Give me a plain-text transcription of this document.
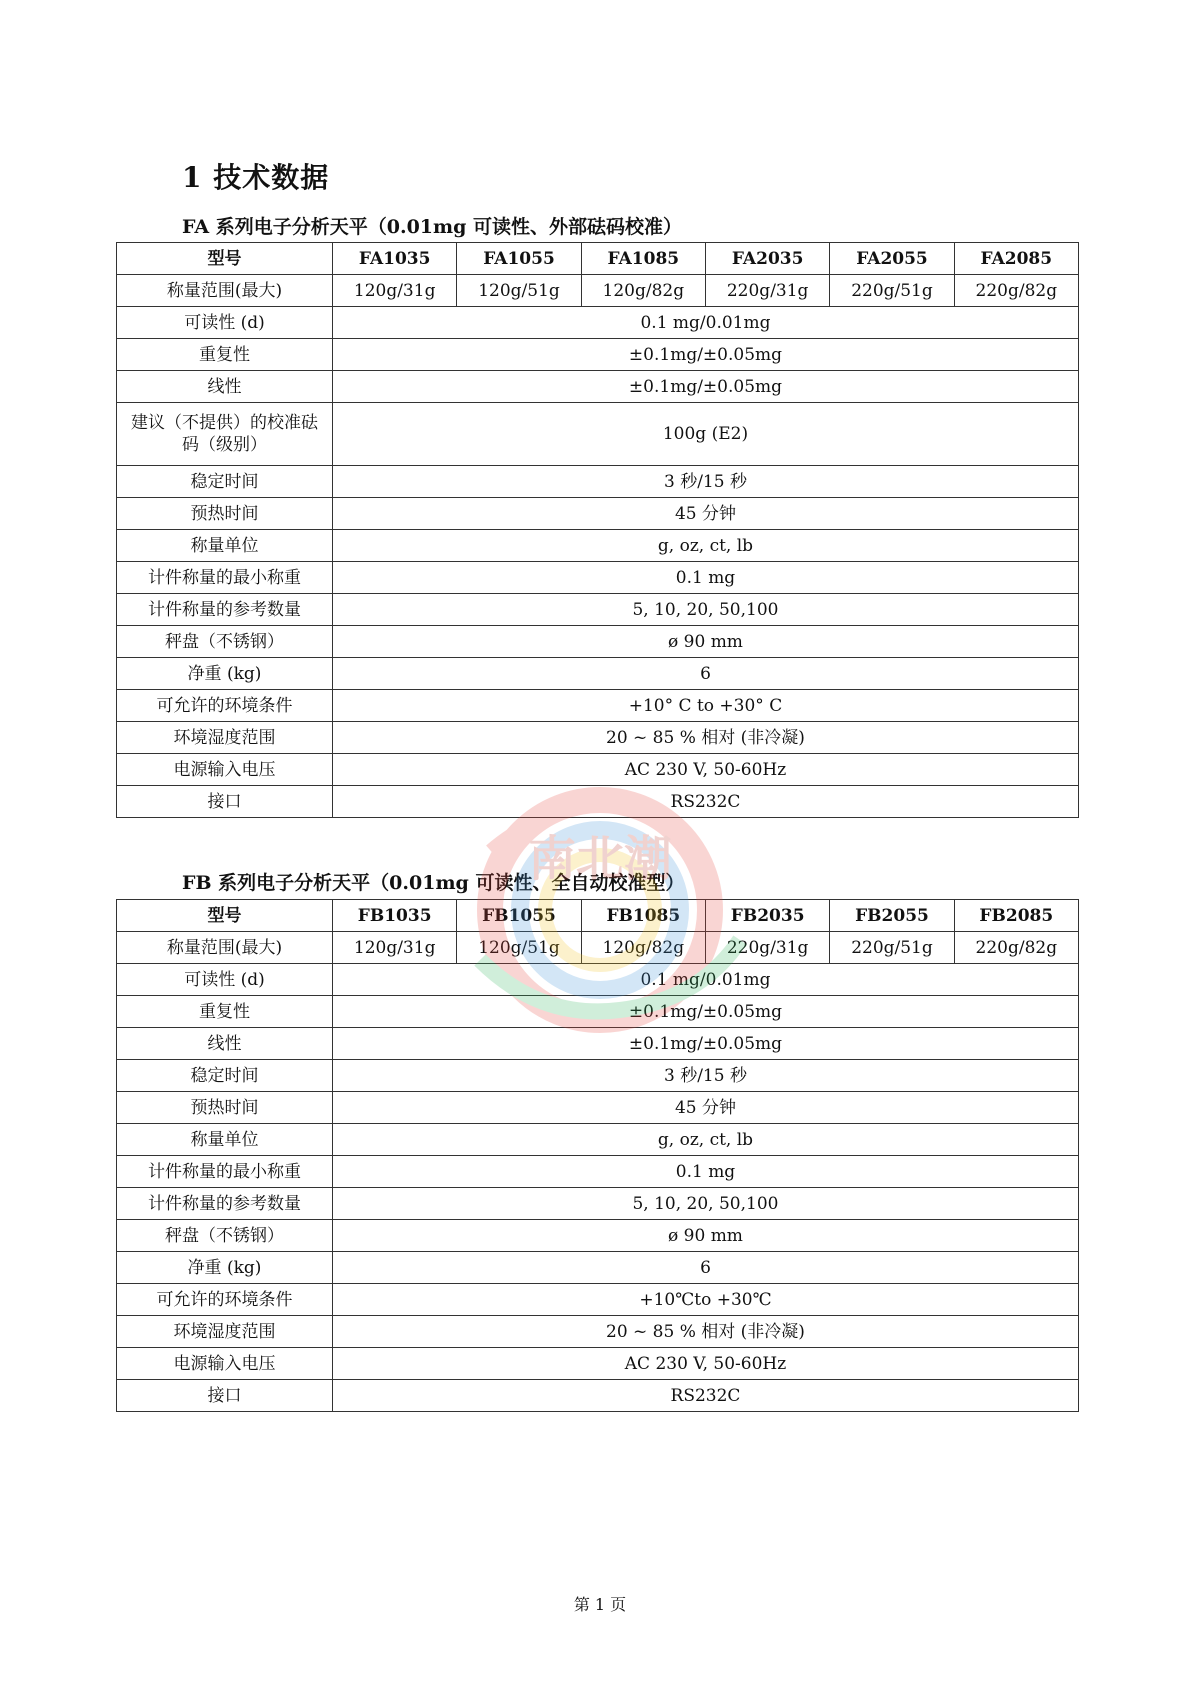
1 技术数据
FA 系列电子分析天平（0.01mg 可读性、外部砝码校准）
型号	FA1035	FA1055	FA1085	FA2035	FA2055	FA2085
称量范围(最大)	120g/31g	120g/51g	120g/82g	220g/31g	220g/51g	220g/82g
可读性 (d)	0.1 mg/0.01mg					
重复性	±0.1mg/±0.05mg					
线性	±0.1mg/±0.05mg					
建议（不提供）的校准砝码（级别）	100g (E2)					
稳定时间	3 秒/15 秒					
预热时间	45 分钟					
称量单位	g, oz, ct, lb					
计件称量的最小称重	0.1 mg					
计件称量的参考数量	5, 10, 20, 50,100					
秤盘（不锈钢）	ø 90 mm					
净重 (kg)	6					
可允许的环境条件	+10° C to +30° C					
环境湿度范围	20 ~ 85 % 相对 (非冷凝)					
电源输入电压	AC 230 V, 50-60Hz					
接口	RS232C					
FB 系列电子分析天平（0.01mg 可读性、全自动校准型）
型号	FB1035	FB1055	FB1085	FB2035	FB2055	FB2085
称量范围(最大)	120g/31g	120g/51g	120g/82g	220g/31g	220g/51g	220g/82g
可读性 (d)	0.1 mg/0.01mg					
重复性	±0.1mg/±0.05mg					
线性	±0.1mg/±0.05mg					
稳定时间	3 秒/15 秒					
预热时间	45 分钟					
称量单位	g, oz, ct, lb					
计件称量的最小称重	0.1 mg					
计件称量的参考数量	5, 10, 20, 50,100					
秤盘（不锈钢）	ø 90 mm					
净重 (kg)	6					
可允许的环境条件	+10℃to +30℃					
环境湿度范围	20 ~ 85 % 相对 (非冷凝)					
电源输入电压	AC 230 V, 50-60Hz					
接口	RS232C					
南北潮
第 1 页
